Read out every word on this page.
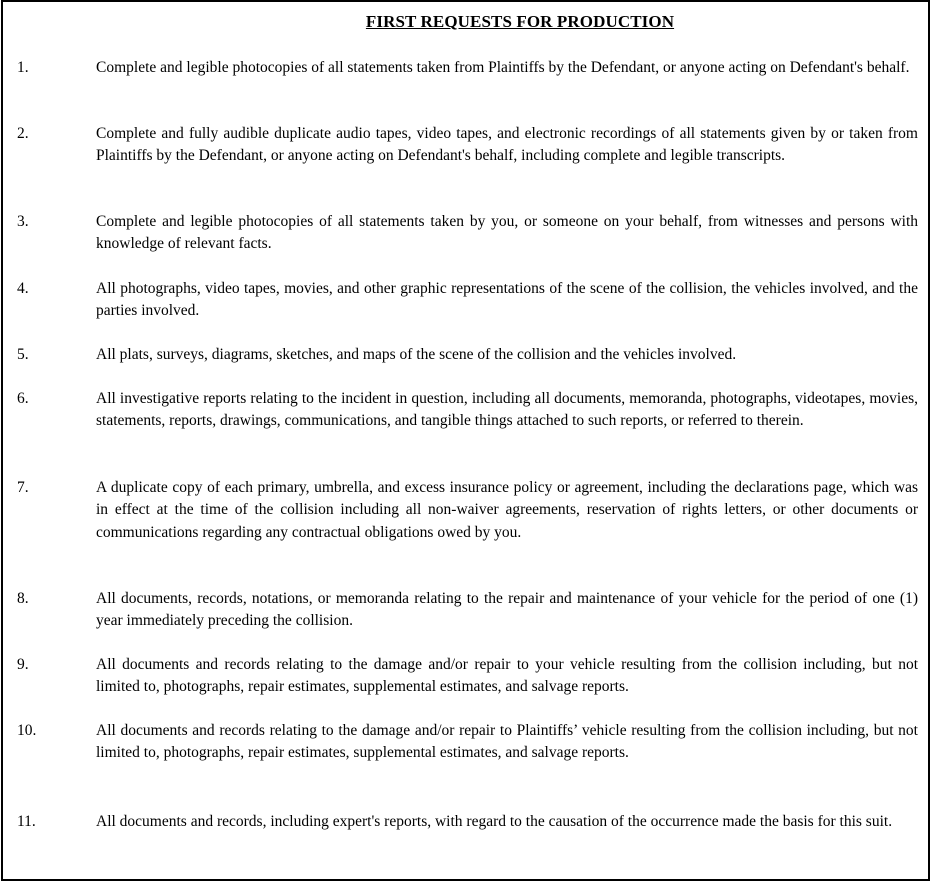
FIRST REQUESTS FOR PRODUCTION
1.	Complete and legible photocopies of all statements taken from Plaintiffs by the Defendant, or anyone acting on Defendant's behalf.
2.	Complete and fully audible duplicate audio tapes, video tapes, and electronic recordings of all statements given by or taken from Plaintiffs by the Defendant, or anyone acting on Defendant's behalf, including complete and legible transcripts.
3.	Complete and legible photocopies of all statements taken by you, or someone on your behalf, from witnesses and persons with knowledge of relevant facts.
4.	All photographs, video tapes, movies, and other graphic representations of the scene of the collision, the vehicles involved, and the parties involved.
5.	All plats, surveys, diagrams, sketches, and maps of the scene of the collision and the vehicles involved.
6.	All investigative reports relating to the incident in question, including all documents, memoranda, photographs, videotapes, movies, statements, reports, drawings, communications, and tangible things attached to such reports, or referred to therein.
7.	A duplicate copy of each primary, umbrella, and excess insurance policy or agreement, including the declarations page, which was in effect at the time of the collision including all non-waiver agreements, reservation of rights letters, or other documents or communications regarding any contractual obligations owed by you.
8.	All documents, records, notations, or memoranda relating to the repair and maintenance of your vehicle for the period of one (1) year immediately preceding the collision.
9.	All documents and records relating to the damage and/or repair to your vehicle resulting from the collision including, but not limited to, photographs, repair estimates, supplemental estimates, and salvage reports.
10.	All documents and records relating to the damage and/or repair to Plaintiffs’ vehicle resulting from the collision including, but not limited to, photographs, repair estimates, supplemental estimates, and salvage reports.
11.	All documents and records, including expert's reports, with regard to the causation of the occurrence made the basis for this suit.
